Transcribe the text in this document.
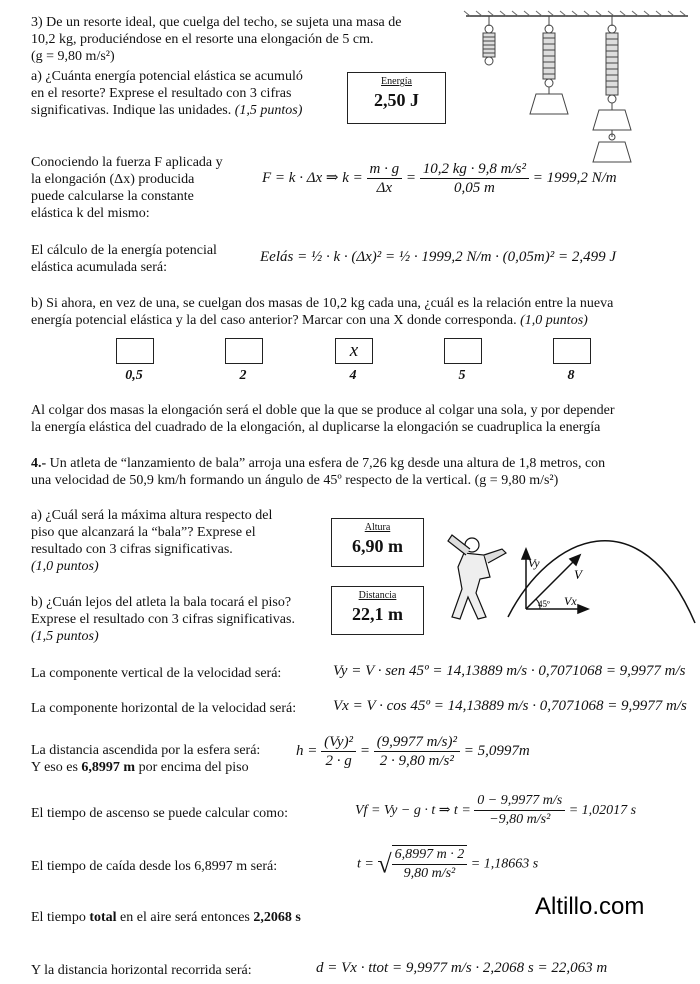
3) De un resorte ideal, que cuelga del techo, se sujeta una masa de
10,2 kg, produciéndose en el resorte una elongación de 5 cm.
(g = 9,80 m/s²)
a) ¿Cuánta energía potencial elástica se acumuló
en el resorte? Exprese el resultado con 3 cifras
significativas. Indique las unidades. (1,5 puntos)
Energía
2,50 J
Conociendo la fuerza F aplicada y
la elongación (Δx) producida
puede calcularse la constante
elástica k del mismo:
F = k · Δx ⇒ $k = \frac{m \cdot g}{\Delta x} = \frac{\text{10,2 kg · 9,8 m/s²}}{0,05 m} = 1999,2$ N/m
El cálculo de la energía potencial
elástica acumulada será:
Eelás = ½ · k · (Δx)² = ½ · 1999,2 N/m · (0,05m)² = 2,499 J
b) Si ahora, en vez de una, se cuelgan dos masas de 10,2 kg cada una, ¿cuál es la relación entre la nueva
energía potencial elástica y la del caso anterior? Marcar con una X donde corresponda. (1,0 puntos)
0,5	2
x
4	5	8
Al colgar dos masas la elongación será el doble que la que se produce al colgar una sola, y por depender
la energía elástica del cuadrado de la elongación, al duplicarse la elongación se cuadruplica la energía
4.- Un atleta de “lanzamiento de bala” arroja una esfera de 7,26 kg desde una altura de 1,8 metros, con
una velocidad de 50,9 km/h formando un ángulo de 45º respecto de la vertical. (g = 9,80 m/s²)
a) ¿Cuál será la máxima altura respecto del
piso que alcanzará la “bala”? Exprese el
resultado con 3 cifras significativas.
(1,0 puntos)
Altura
6,90 m
b) ¿Cuán lejos del atleta la bala tocará el piso?
Exprese el resultado con 3 cifras significativas.
(1,5 puntos)
Distancia
22,1 m
Vy
V
Vx
45º
La componente vertical de la velocidad será:	Vy = V · sen 45º = 14,13889 m/s · 0,7071068 = 9,9977 m/s
La componente horizontal de la velocidad será: Vx = V · cos 45º = 14,13889 m/s · 0,7071068 = 9,9977 m/s
La distancia ascendida por la esfera será:
Y eso es 6,8997 m por encima del piso
$h = \frac{\text{(Vy)²}}{2 \cdot g} = \frac{\text{(9,9977 m/s)²}}{\text{2 · 9,80 m/s²}} = 5,0997m$
El tiempo de ascenso se puede calcular como:	Vf = Vy − g · t ⇒ $t = \frac{0 - 9,9977 m/s}{\text{−9,80 m/s²}} = 1,02017$ s
El tiempo de caída desde los 6,8997 m será:	t = √ $\frac{6,8997 m \cdot 2}{\text{9,80 m/s²}} = 1,18663$ s
El tiempo total en el aire será entonces 2,2068 s	Altillo.com
Y la distancia horizontal recorrida será:	d = Vx · ttot = 9,9977 m/s · 2,2068 s = 22,063 m
